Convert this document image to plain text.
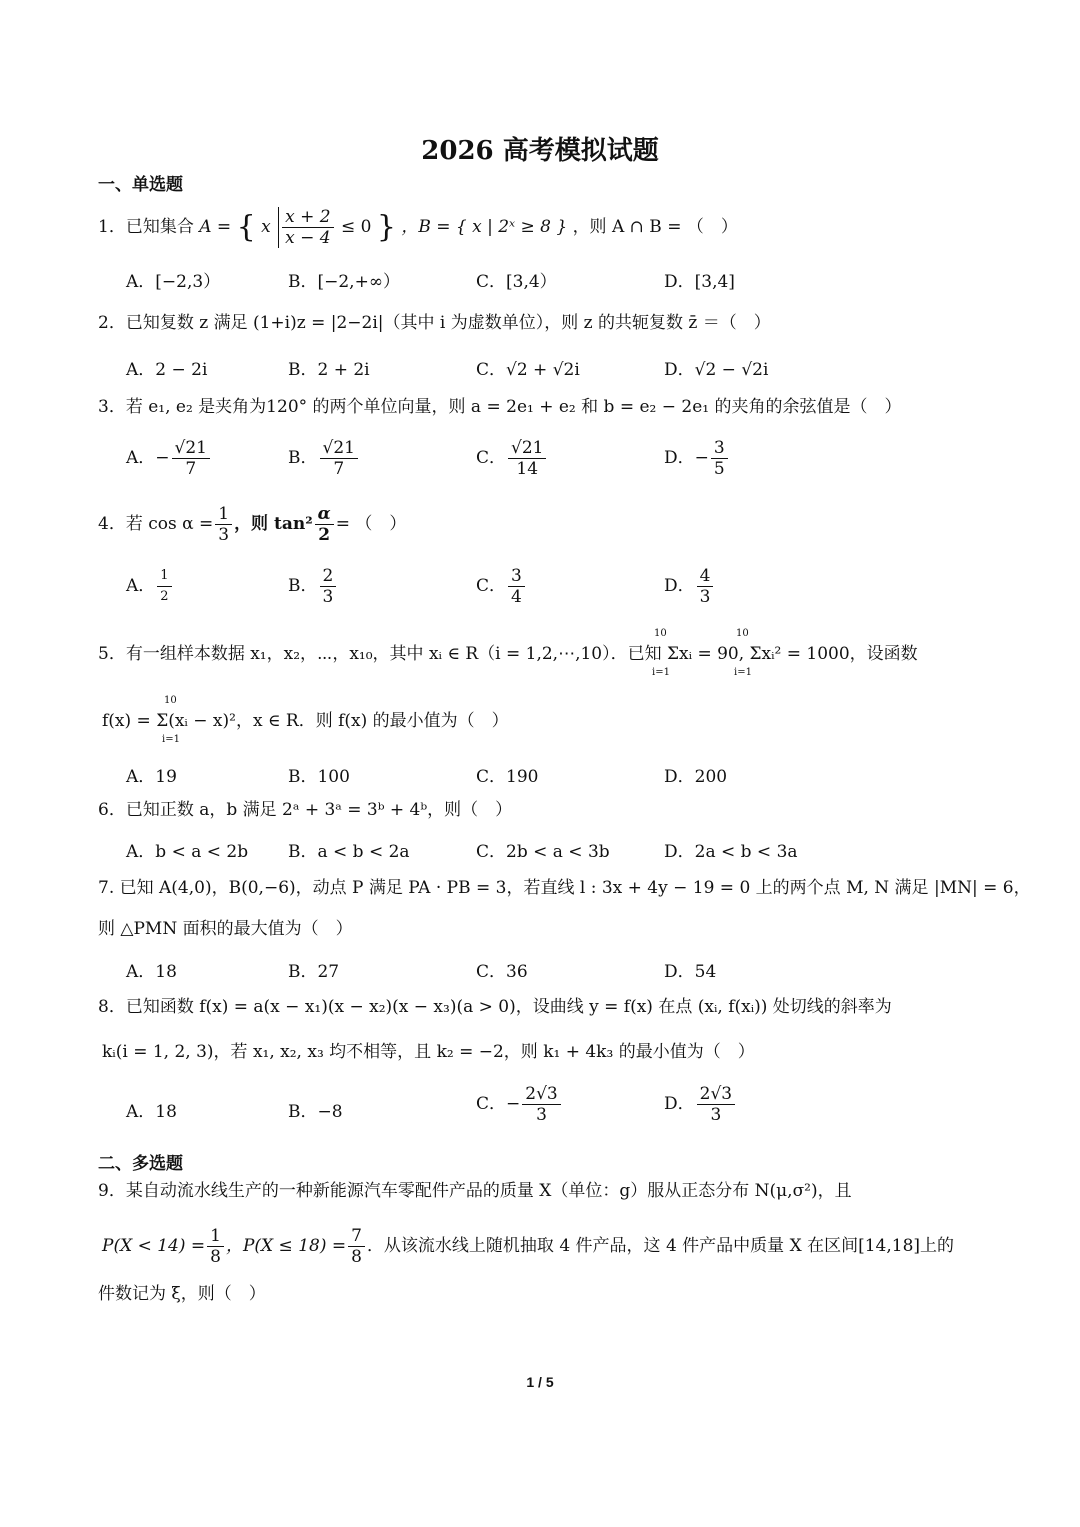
2026 高考模拟试题
一、单选题
1．已知集合 A = { x $\frac{x + 2}{x - 4} \le 0$ } ，B = { x | 2ˣ ≥ 8 } ，则 A ∩ B = （　）
A．[−2,3）	B．[−2,+∞）	C．[3,4）	D．[3,4]
2．已知复数 z 满足 (1+i)z = |2−2i|（其中 i 为虚数单位），则 z 的共轭复数 z̄ ＝（　）
A．2 − 2i	B．2 + 2i	C．√2 + √2i	D．√2 − √2i
3．若 e₁, e₂ 是夹角为120° 的两个单位向量，则 a = 2e₁ + e₂ 和 b = e₂ − 2e₁ 的夹角的余弦值是（　）
A．− $\frac{√21}{7}$	B． $\frac{√21}{7}$	C． $\frac{√21}{14}$	D．− $\frac{3}{5}$
4．若 $\cos \alpha = \frac{1}{3}$ ，则 $\tan^2 \frac{\alpha}{2}$ = （　）
A． $\frac{1}{2}$	B． $\frac{2}{3}$	C． $\frac{3}{4}$	D． $\frac{4}{3}$
5．有一组样本数据 x₁，x₂，⋯，x₁₀，其中 xᵢ ∈ R（i = 1,2,⋯,10）．已知 Σxᵢ = 90, Σxᵢ² = 1000，设函数
10
i=1
10
i=1
f(x) = Σ(xᵢ − x)²，x ∈ R．则 f(x) 的最小值为（　）
10
i=1
A．19	B．100	C．190	D．200
6．已知正数 a，b 满足 2ᵃ + 3ᵃ = 3ᵇ + 4ᵇ，则（　）
A．b < a < 2b B．a < b < 2a	C．2b < a < 3b	D．2a < b < 3a
7. 已知 A(4,0)，B(0,−6)，动点 P 满足 PA · PB = 3，若直线 l : 3x + 4y − 19 = 0 上的两个点 M, N 满足 |MN| = 6，
则 △PMN 面积的最大值为（　）
A．18	B．27	C．36	D．54
8．已知函数 f(x) = a(x − x₁)(x − x₂)(x − x₃)(a > 0)，设曲线 y = f(x) 在点 (xᵢ, f(xᵢ)) 处切线的斜率为
kᵢ(i = 1, 2, 3)，若 x₁, x₂, x₃ 均不相等，且 k₂ = −2，则 k₁ + 4k₃ 的最小值为（　）
A．18	B．−8	C．− $\frac{2√3}{3}$	D． $\frac{2√3}{3}$
二、多选题
9．某自动流水线生产的一种新能源汽车零配件产品的质量 X（单位：g）服从正态分布 N(μ,σ²)，且
$P(X < 14) = \frac{1}{8}$ ，$P(X \le 18) = \frac{7}{8}$ ．从该流水线上随机抽取 4 件产品，这 4 件产品中质量 X 在区间[14,18]上的
件数记为 ξ，则（　）
1 / 5
